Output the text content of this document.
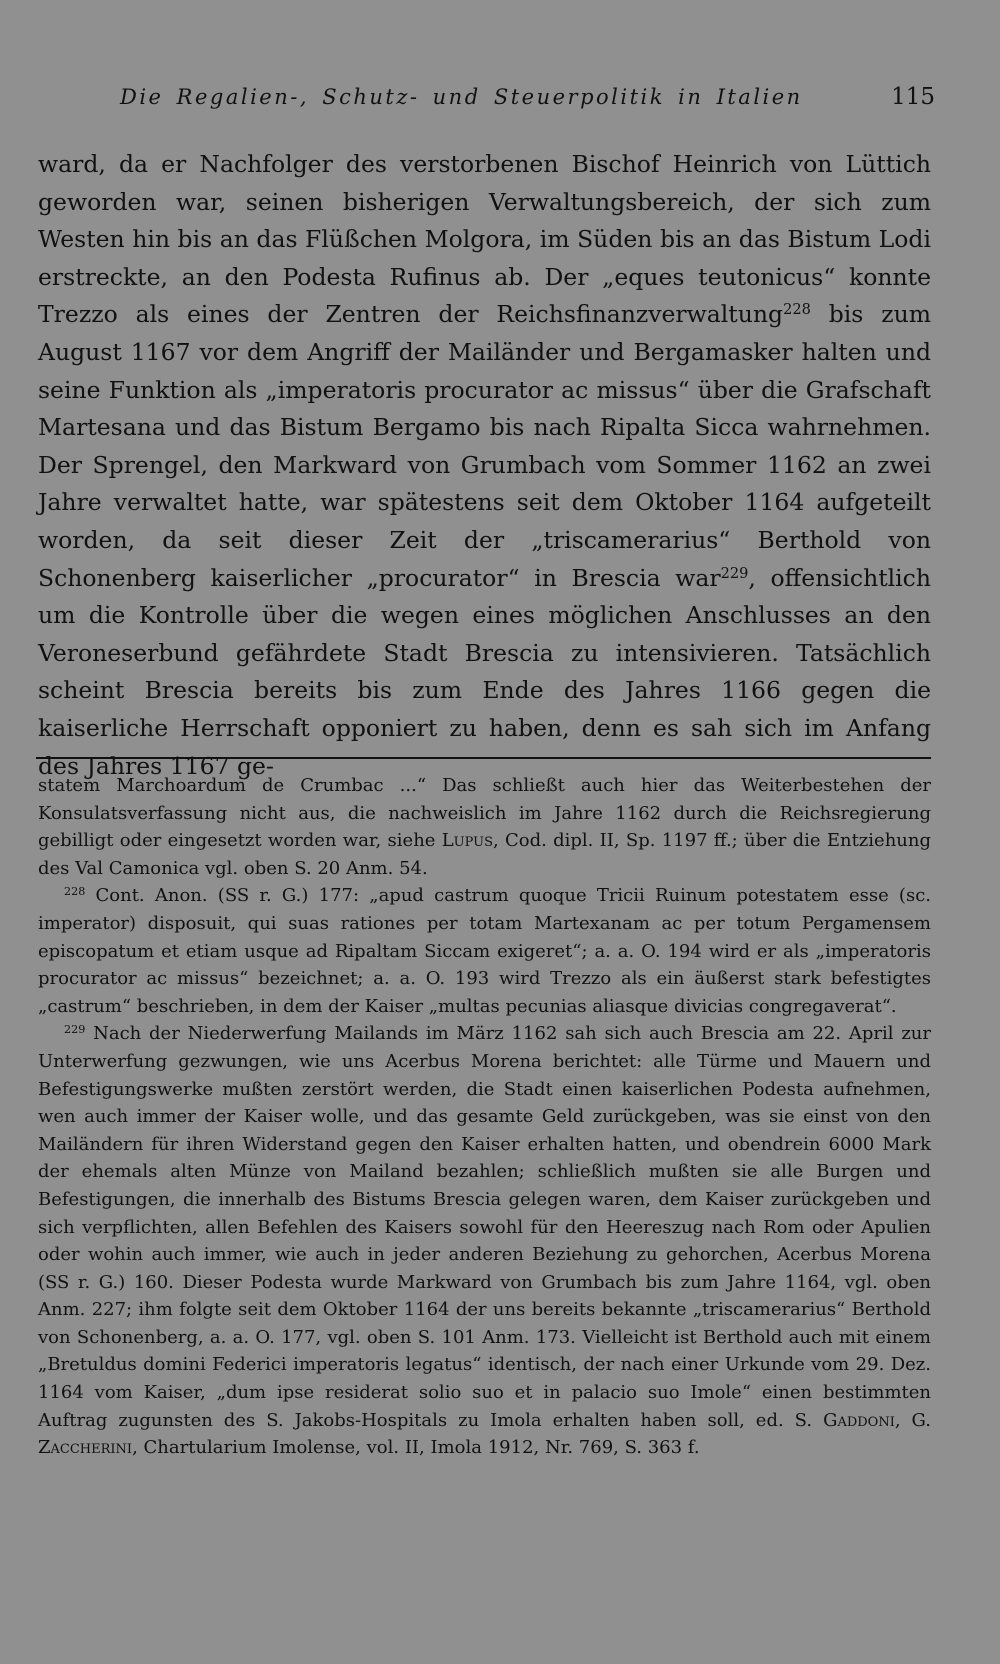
Die Regalien-, Schutz- und Steuerpolitik in Italien	115

ward, da er Nachfolger des verstorbenen Bischof Heinrich von Lüttich geworden war, seinen bisherigen Verwaltungsbereich, der sich zum Westen hin bis an das Flüßchen Molgora, im Süden bis an das Bistum Lodi erstreckte, an den Podesta Rufinus ab. Der „eques teutonicus“ konnte Trezzo als eines der Zentren der Reichsfinanzverwaltung$^{228}$ bis zum August 1167 vor dem Angriff der Mailänder und Bergamasker halten und seine Funktion als „imperatoris procurator ac missus“ über die Grafschaft Martesana und das Bistum Bergamo bis nach Ripalta Sicca wahrnehmen. Der Sprengel, den Markward von Grumbach vom Sommer 1162 an zwei Jahre verwaltet hatte, war spätestens seit dem Oktober 1164 aufgeteilt worden, da seit dieser Zeit der „triscamerarius“ Berthold von Schonenberg kaiserlicher „procurator“ in Brescia war$^{229}$, offensichtlich um die Kontrolle über die wegen eines möglichen Anschlusses an den Veroneserbund gefährdete Stadt Brescia zu intensivieren. Tatsächlich scheint Brescia bereits bis zum Ende des Jahres 1166 gegen die kaiserliche Herrschaft opponiert zu haben, denn es sah sich im Anfang des Jahres 1167 ge-

statem Marchoardum de Crumbac ...“ Das schließt auch hier das Weiterbestehen der Konsulatsverfassung nicht aus, die nachweislich im Jahre 1162 durch die Reichsregierung gebilligt oder eingesetzt worden war, siehe Lupus, Cod. dipl. II, Sp. 1197 ff.; über die Entziehung des Val Camonica vgl. oben S. 20 Anm. 54.

$^{228}$ Cont. Anon. (SS r. G.) 177: „apud castrum quoque Tricii Ruinum potestatem esse (sc. imperator) disposuit, qui suas rationes per totam Martexanam ac per totum Pergamensem episcopatum et etiam usque ad Ripaltam Siccam exigeret“; a. a. O. 194 wird er als „imperatoris procurator ac missus“ bezeichnet; a. a. O. 193 wird Trezzo als ein äußerst stark befestigtes „castrum“ beschrieben, in dem der Kaiser „multas pecunias aliasque divicias congregaverat“.

$^{229}$ Nach der Niederwerfung Mailands im März 1162 sah sich auch Brescia am 22. April zur Unterwerfung gezwungen, wie uns Acerbus Morena berichtet: alle Türme und Mauern und Befestigungswerke mußten zerstört werden, die Stadt einen kaiserlichen Podesta aufnehmen, wen auch immer der Kaiser wolle, und das gesamte Geld zurückgeben, was sie einst von den Mailändern für ihren Widerstand gegen den Kaiser erhalten hatten, und obendrein 6000 Mark der ehemals alten Münze von Mailand bezahlen; schließlich mußten sie alle Burgen und Befestigungen, die innerhalb des Bistums Brescia gelegen waren, dem Kaiser zurückgeben und sich verpflichten, allen Befehlen des Kaisers sowohl für den Heereszug nach Rom oder Apulien oder wohin auch immer, wie auch in jeder anderen Beziehung zu gehorchen, Acerbus Morena (SS r. G.) 160. Dieser Podesta wurde Markward von Grumbach bis zum Jahre 1164, vgl. oben Anm. 227; ihm folgte seit dem Oktober 1164 der uns bereits bekannte „triscamerarius“ Berthold von Schonenberg, a. a. O. 177, vgl. oben S. 101 Anm. 173. Vielleicht ist Berthold auch mit einem „Bretuldus domini Federici imperatoris legatus“ identisch, der nach einer Urkunde vom 29. Dez. 1164 vom Kaiser, „dum ipse residerat solio suo et in palacio suo Imole“ einen bestimmten Auftrag zugunsten des S. Jakobs-Hospitals zu Imola erhalten haben soll, ed. S. Gaddoni, G. Zaccherini, Chartularium Imolense, vol. II, Imola 1912, Nr. 769, S. 363 f.
